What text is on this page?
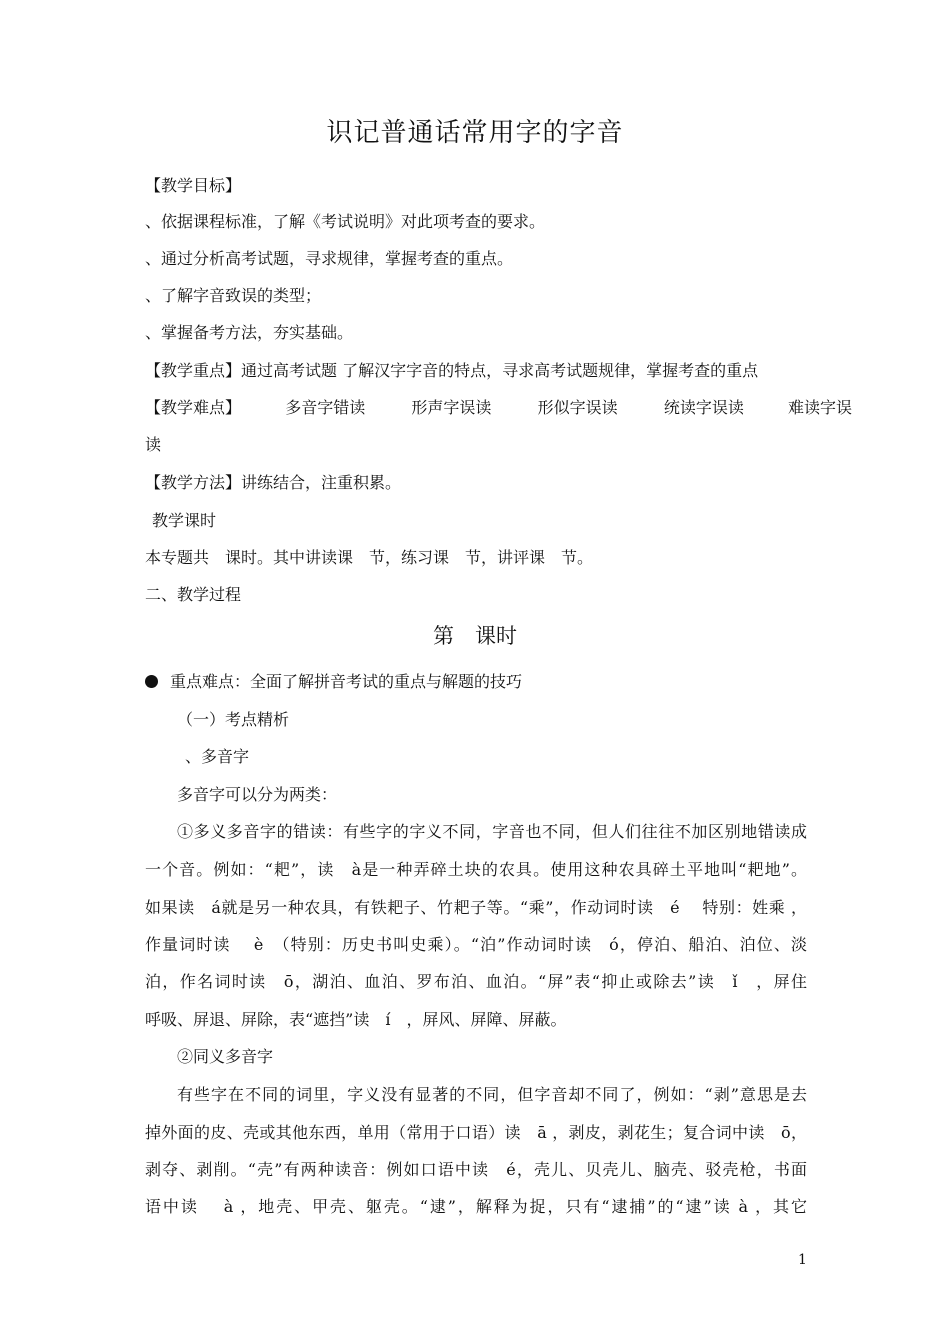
识记普通话常用字的字音
【教学目标】
、依据课程标准，了解《考试说明》对此项考查的要求。
、通过分析高考试题，寻求规律，掌握考查的重点。
、了解字音致误的类型；
、掌握备考方法，夯实基础。
【教学重点】通过高考试题 了解汉字字音的特点，寻求高考试题规律，掌握考查的重点
【教学难点】	多音字错读	形声字误读	形似字误读	统读字误读	难读字误
读
【教学方法】讲练结合，注重积累。
教学课时
本专题共　课时。其中讲读课　节，练习课　节，讲评课　节。
二、教学过程
第　课时
重点难点：全面了解拼音考试的重点与解题的技巧
（一）考点精析
、多音字
多音字可以分为两类：
①多义多音字的错读：有些字的字义不同，字音也不同，但人们往往不加区别地错读成
一个音。例如：“耙”，读　à是一种弄碎土块的农具。使用这种农具碎土平地叫“耙地”。
如果读　á就是另一种农具，有铁耙子、竹耙子等。“乘”，作动词时读　é　 特别：姓乘 ，
作量词时读　 è　（特别：历史书叫史乘）。“泊”作动词时读　ó，停泊、船泊、泊位、淡
泊，作名词时读　ō，湖泊、血泊、罗布泊、血泊。“屏”表“抑止或除去”读　ǐ　，屏住
呼吸、屏退、屏除，表“遮挡”读　í　，屏风、屏障、屏蔽。
②同义多音字
有些字在不同的词里，字义没有显著的不同，但字音却不同了，例如：“剥”意思是去
掉外面的皮、壳或其他东西，单用（常用于口语）读　ā ，剥皮，剥花生；复合词中读　ō，
剥夺、剥削。“壳”有两种读音：例如口语中读　é，壳儿、贝壳儿、脑壳、驳壳枪，书面
语中读　 à ，地壳、甲壳、躯壳。“逮”，解释为捉，只有“逮捕”的“逮”读 à ，其它
1
